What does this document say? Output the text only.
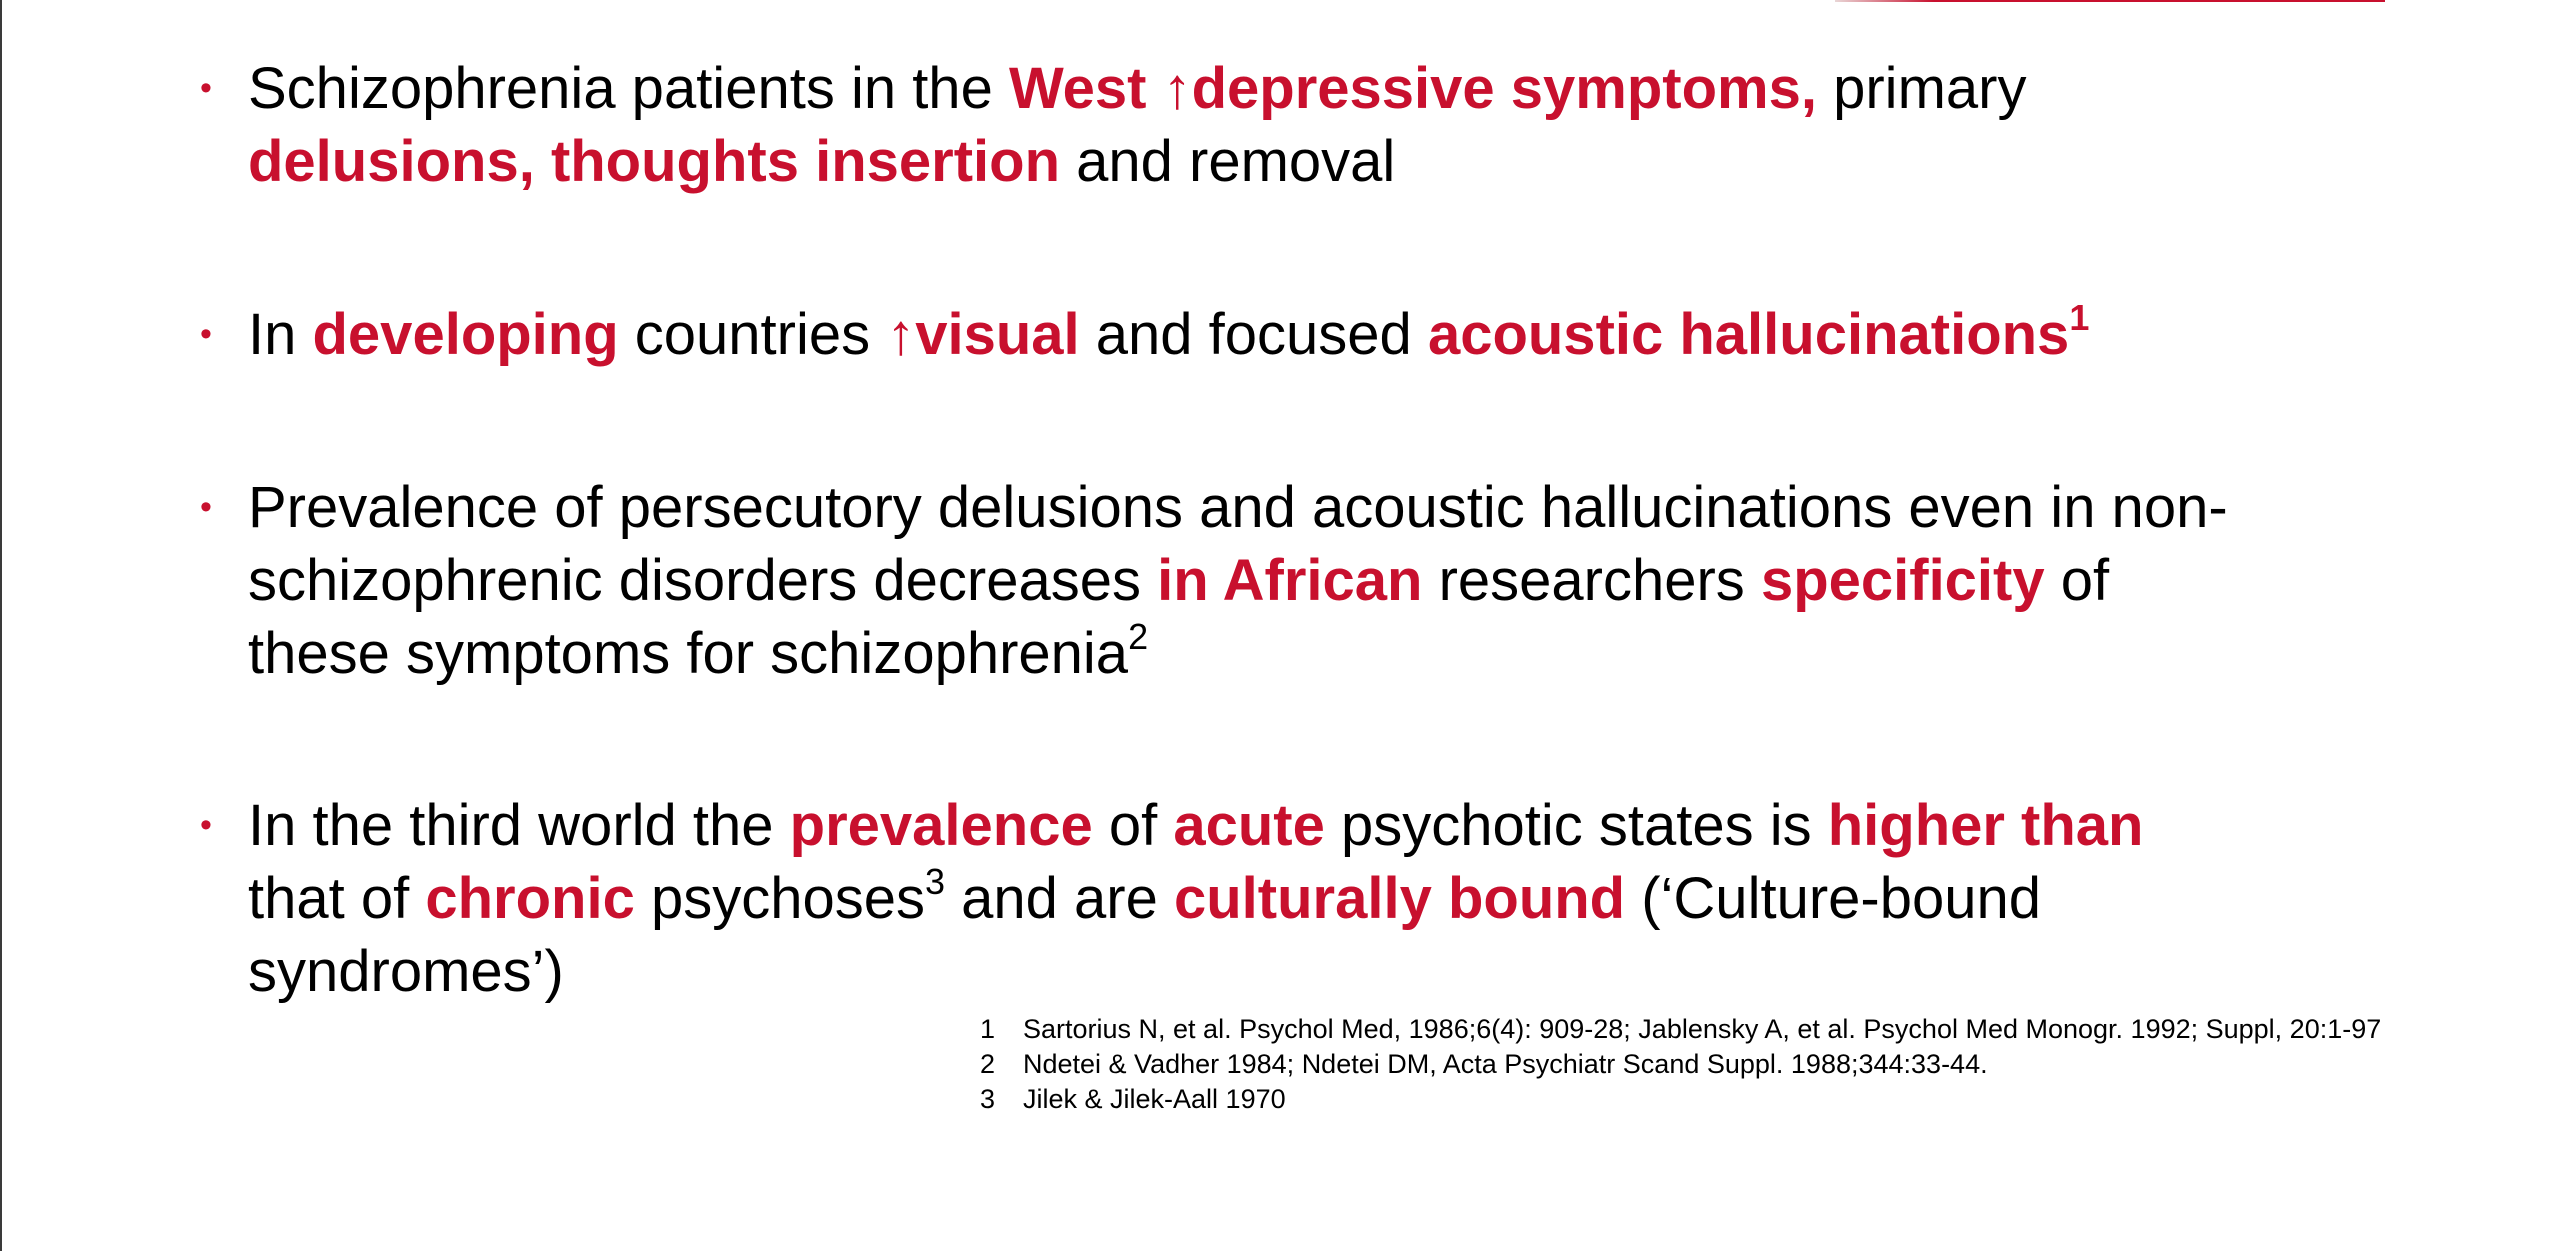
• Schizophrenia patients in the West ↑depressive symptoms, primary
delusions, thoughts insertion and removal
• In developing countries ↑visual and focused acoustic hallucinations$^1$
• Prevalence of persecutory delusions and acoustic hallucinations even in non-
schizophrenic disorders decreases in African researchers specificity of
these symptoms for schizophrenia$^2$
• In the third world the prevalence of acute psychotic states is higher than
that of chronic psychoses$^3$ and are culturally bound (‘Culture-bound
syndromes’)
1	Sartorius N, et al. Psychol Med, 1986;6(4): 909-28; Jablensky A, et al. Psychol Med Monogr. 1992; Suppl, 20:1-97
2	Ndetei & Vadher 1984; Ndetei DM, Acta Psychiatr Scand Suppl. 1988;344:33-44.
3	Jilek & Jilek-Aall 1970
